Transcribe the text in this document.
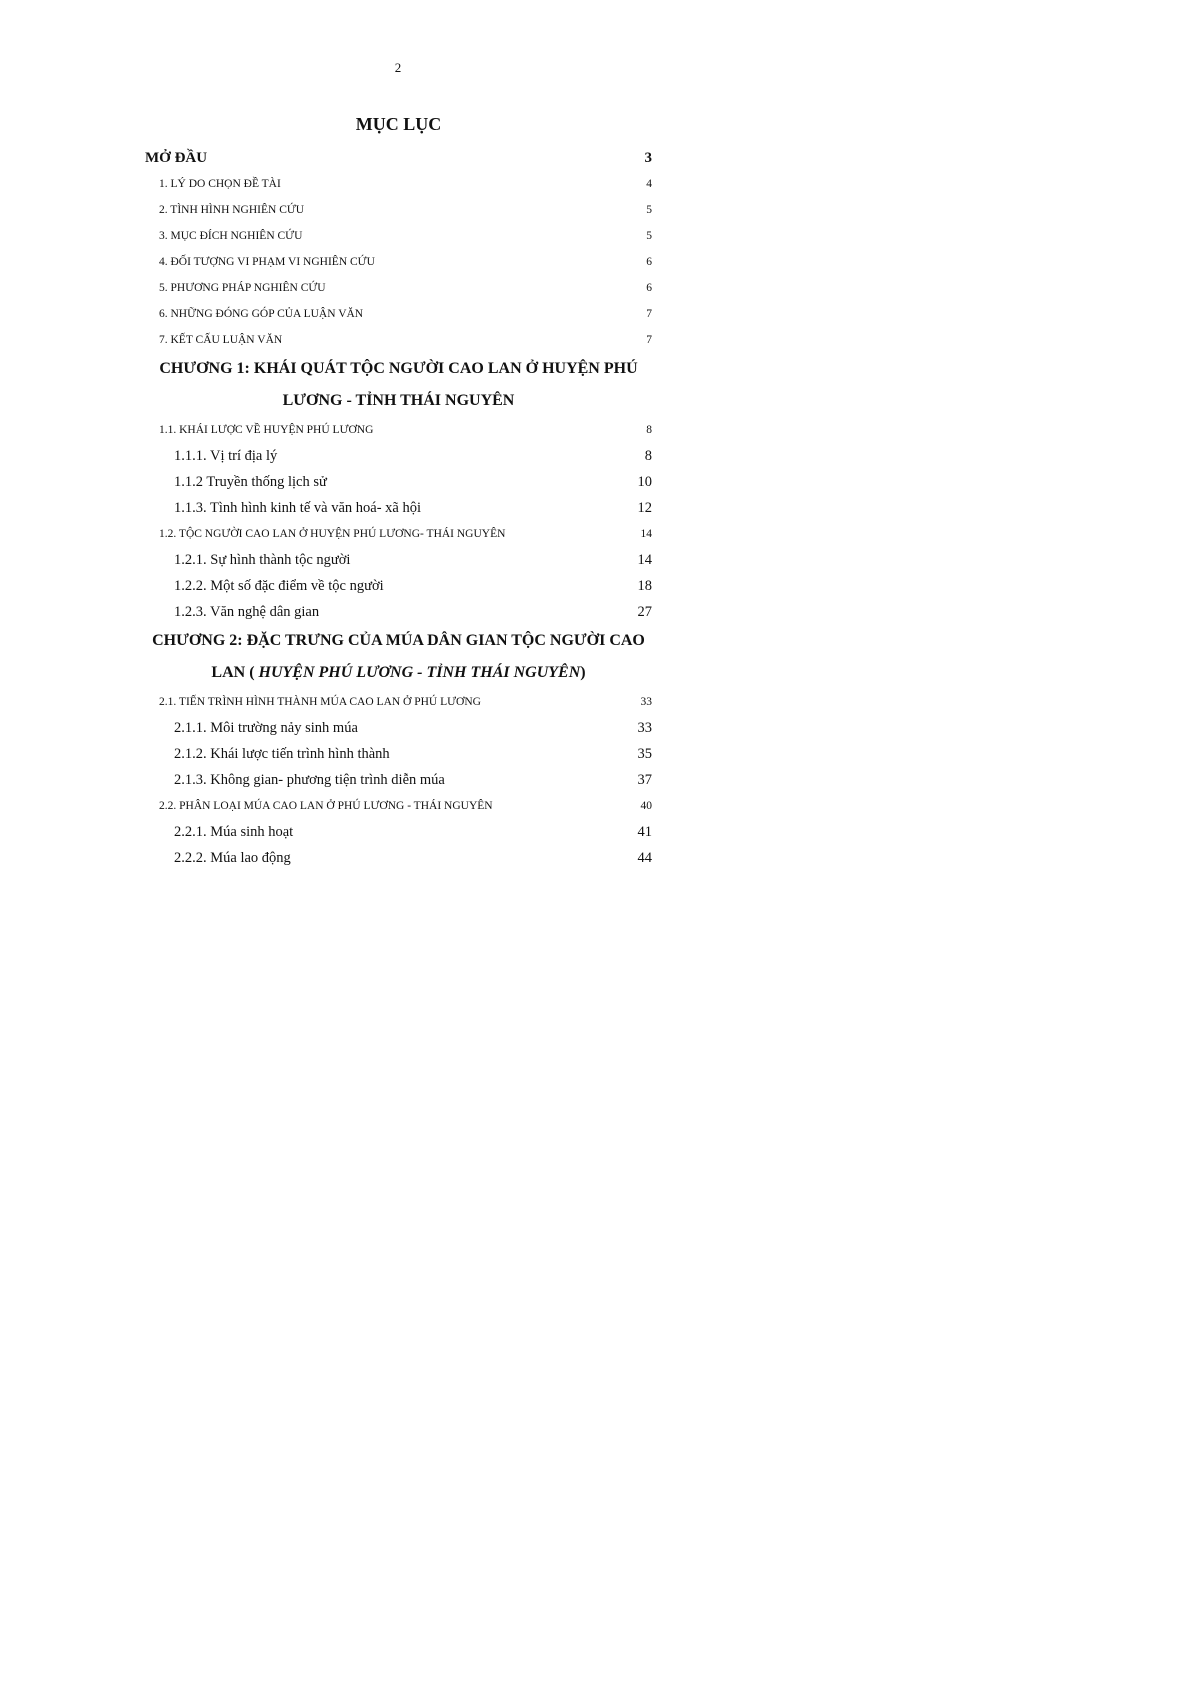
2
MỤC LỤC
MỞ ĐẦU	3
1. LÝ DO CHỌN ĐỀ TÀI	4
2. TÌNH HÌNH NGHIÊN CỨU	5
3. MỤC ĐÍCH NGHIÊN CỨU	5
4. ĐỐI TƯỢNG VI PHẠM VI NGHIÊN CỨU	6
5. PHƯƠNG PHÁP NGHIÊN CỨU	6
6. NHỮNG ĐÓNG GÓP CỦA LUẬN VĂN	7
7. KẾT CẤU LUẬN VĂN	7
CHƯƠNG 1: KHÁI QUÁT TỘC NGƯỜI CAO LAN Ở HUYỆN PHÚ
LƯƠNG - TỈNH THÁI NGUYÊN
1.1. KHÁI LƯỢC VỀ HUYỆN PHÚ LƯƠNG	8
1.1.1. Vị trí địa lý	8
1.1.2 Truyền thống lịch sử	10
1.1.3. Tình hình kinh tế và văn hoá- xã hội	12
1.2. TỘC NGƯỜI CAO LAN Ở HUYỆN PHÚ LƯƠNG- THÁI NGUYÊN	14
1.2.1. Sự hình thành tộc người	14
1.2.2. Một số đặc điểm về tộc người	18
1.2.3. Văn nghệ dân gian	27
CHƯƠNG 2: ĐẶC TRƯNG CỦA MÚA DÂN GIAN TỘC NGƯỜI CAO
LAN ( HUYỆN PHÚ LƯƠNG - TỈNH THÁI NGUYÊN)
2.1. TIẾN TRÌNH HÌNH THÀNH MÚA CAO LAN Ở PHÚ LƯƠNG	33
2.1.1. Môi trường nảy sinh múa	33
2.1.2. Khái lược tiến trình hình thành	35
2.1.3. Không gian- phương tiện trình diễn múa	37
2.2. PHÂN LOẠI MÚA CAO LAN Ở PHÚ LƯƠNG - THÁI NGUYÊN	40
2.2.1. Múa sinh hoạt	41
2.2.2. Múa lao động	44
